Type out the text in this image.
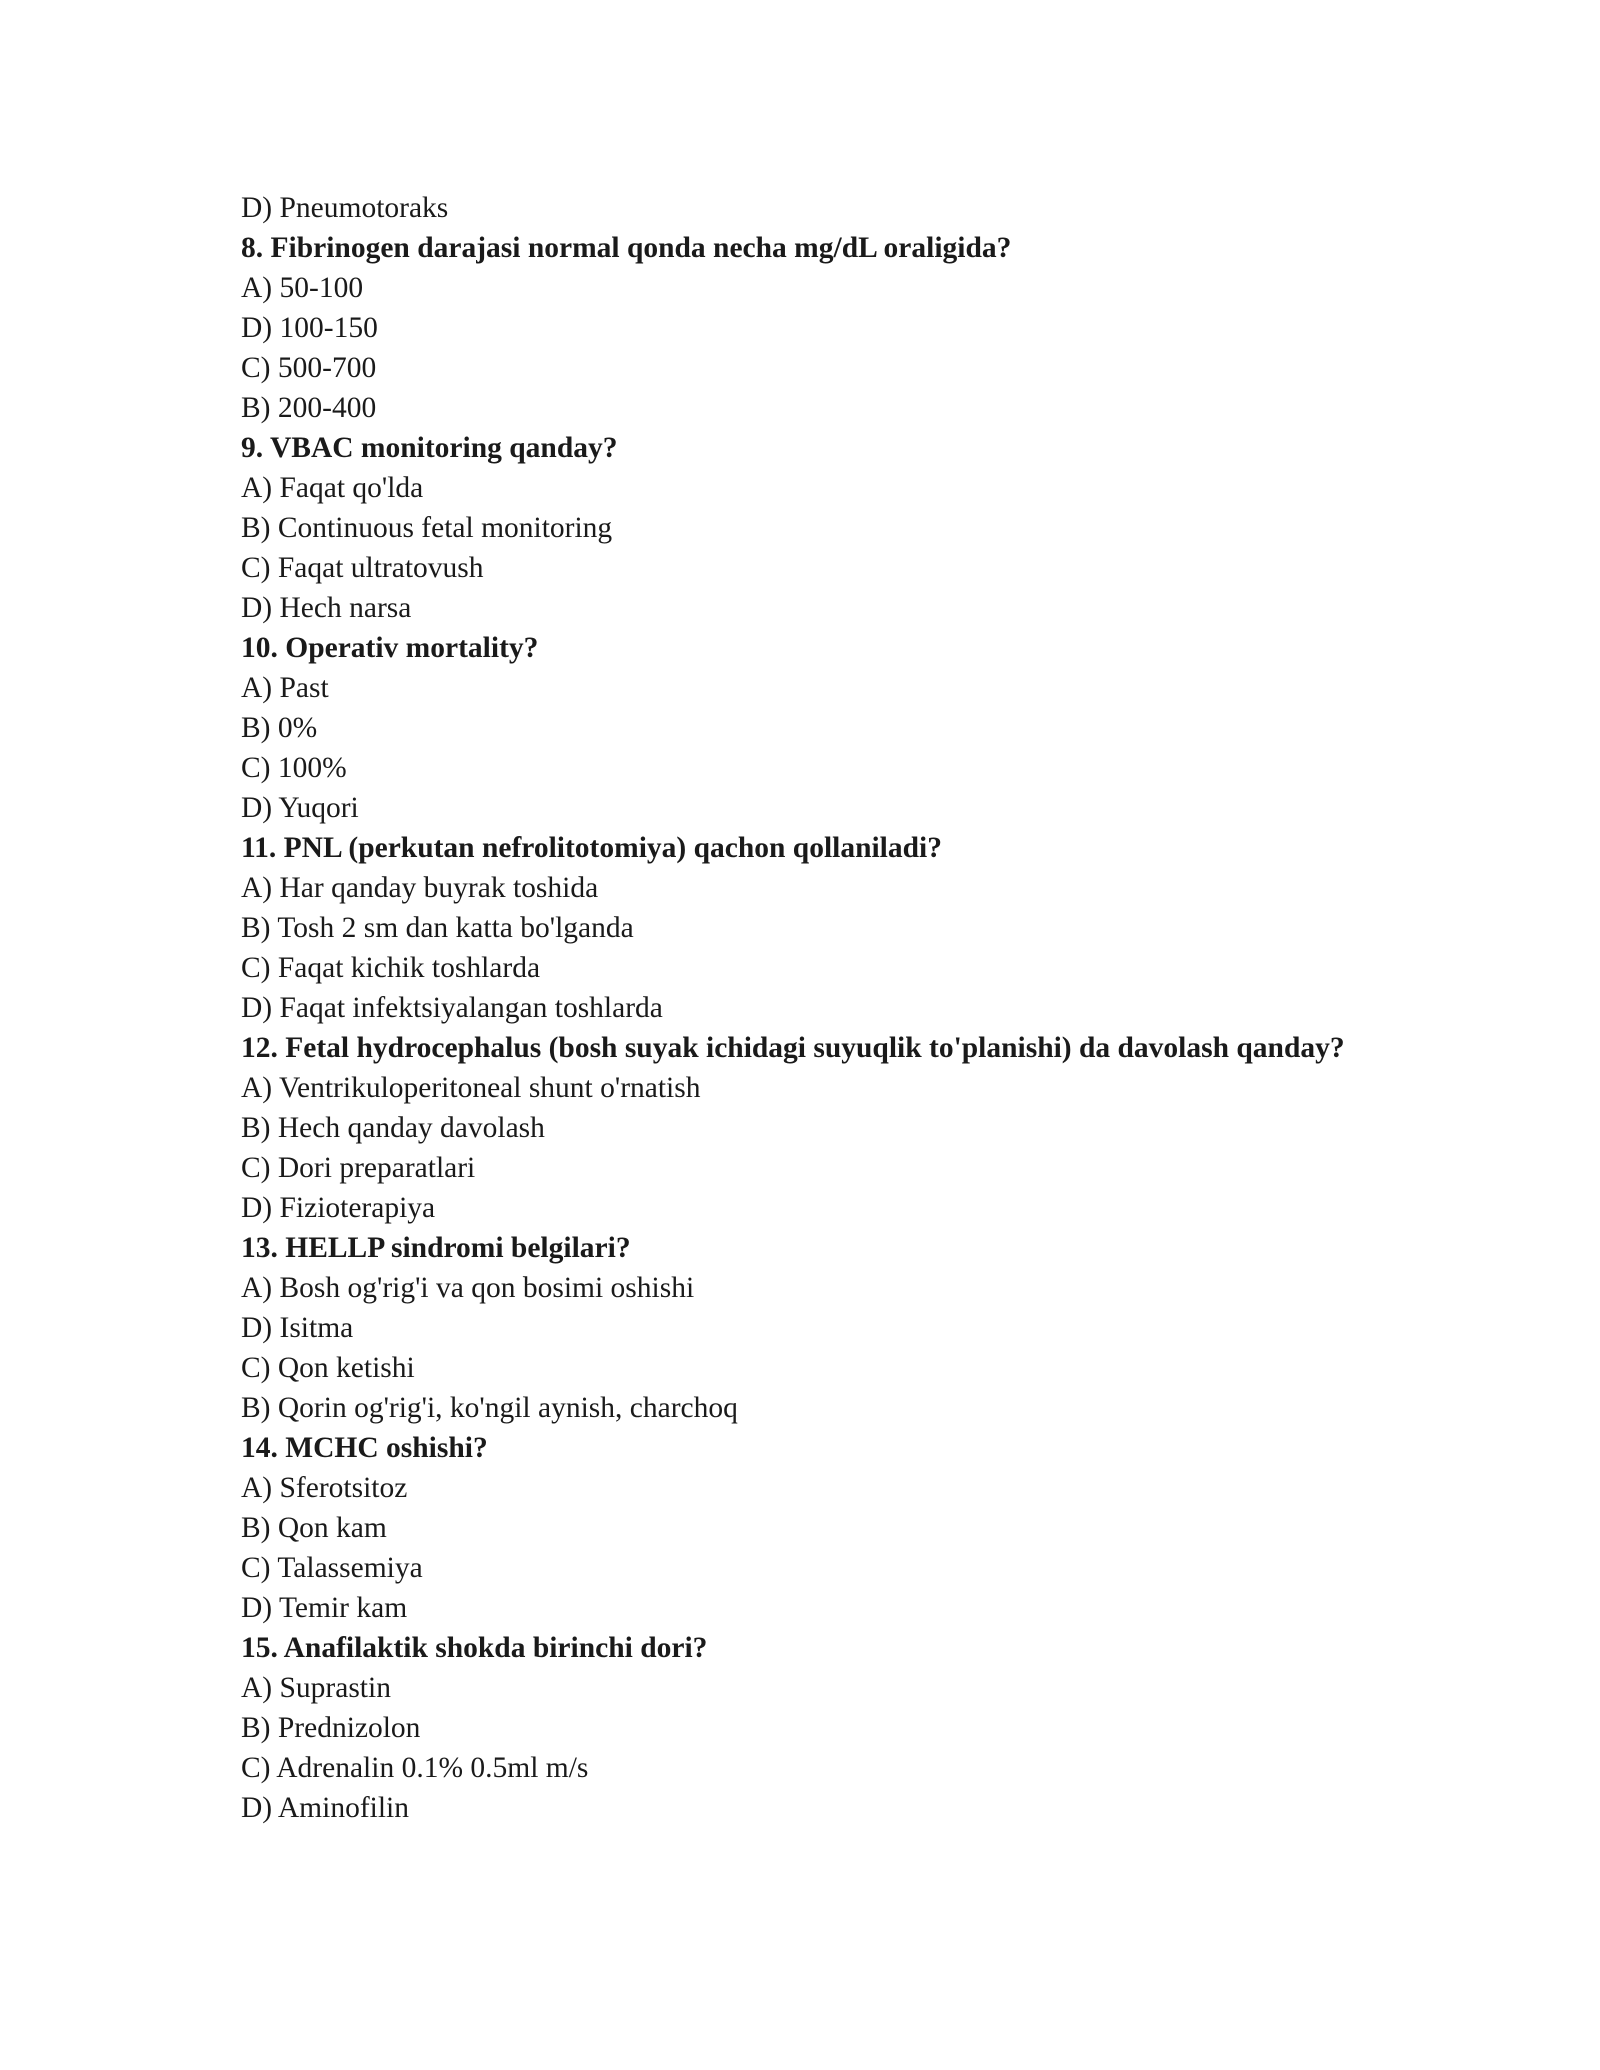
D) Pneumotoraks
8. Fibrinogen darajasi normal qonda necha mg/dL oraligida?
A) 50-100
D) 100-150
C) 500-700
B) 200-400
9. VBAC monitoring qanday?
A) Faqat qo'lda
B) Continuous fetal monitoring
C) Faqat ultratovush
D) Hech narsa
10. Operativ mortality?
A) Past
B) 0%
C) 100%
D) Yuqori
11. PNL (perkutan nefrolitotomiya) qachon qollaniladi?
A) Har qanday buyrak toshida
B) Tosh 2 sm dan katta bo'lganda
C) Faqat kichik toshlarda
D) Faqat infektsiyalangan toshlarda
12. Fetal hydrocephalus (bosh suyak ichidagi suyuqlik to'planishi) da davolash qanday?
A) Ventrikuloperitoneal shunt o'rnatish
B) Hech qanday davolash
C) Dori preparatlari
D) Fizioterapiya
13. HELLP sindromi belgilari?
A) Bosh og'rig'i va qon bosimi oshishi
D) Isitma
C) Qon ketishi
B) Qorin og'rig'i, ko'ngil aynish, charchoq
14. MCHC oshishi?
A) Sferotsitoz
B) Qon kam
C) Talassemiya
D) Temir kam
15. Anafilaktik shokda birinchi dori?
A) Suprastin
B) Prednizolon
C) Adrenalin 0.1% 0.5ml m/s
D) Aminofilin
